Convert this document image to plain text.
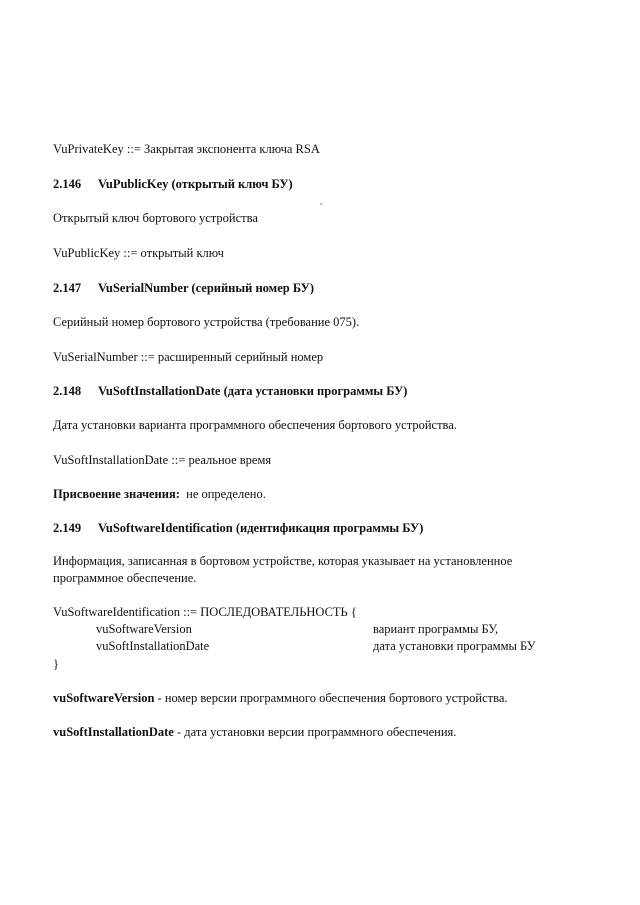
VuPrivateKey ::= Закрытая экспонента ключа RSA
2.146 VuPublicKey (открытый ключ БУ)
Открытый ключ бортового устройства
VuPublicKey ::= открытый ключ
2.147 VuSerialNumber (серийный номер БУ)
Серийный номер бортового устройства (требование 075).
VuSerialNumber ::= расширенный серийный номер
2.148 VuSoftInstallationDate (дата установки программы БУ)
Дата установки варианта программного обеспечения бортового устройства.
VuSoftInstallationDate ::= реальное время
Присвоение значения: не определено.
2.149 VuSoftwareIdentification (идентификация программы БУ)
Информация, записанная в бортовом устройстве, которая указывает на установленное
программное обеспечение.
VuSoftwareIdentification ::= ПОСЛЕДОВАТЕЛЬНОСТЬ {
vuSoftwareVersion	вариант программы БУ,
vuSoftInstallationDate	дата установки программы БУ
}
vuSoftwareVersion - номер версии программного обеспечения бортового устройства.
vuSoftInstallationDate - дата установки версии программного обеспечения.
